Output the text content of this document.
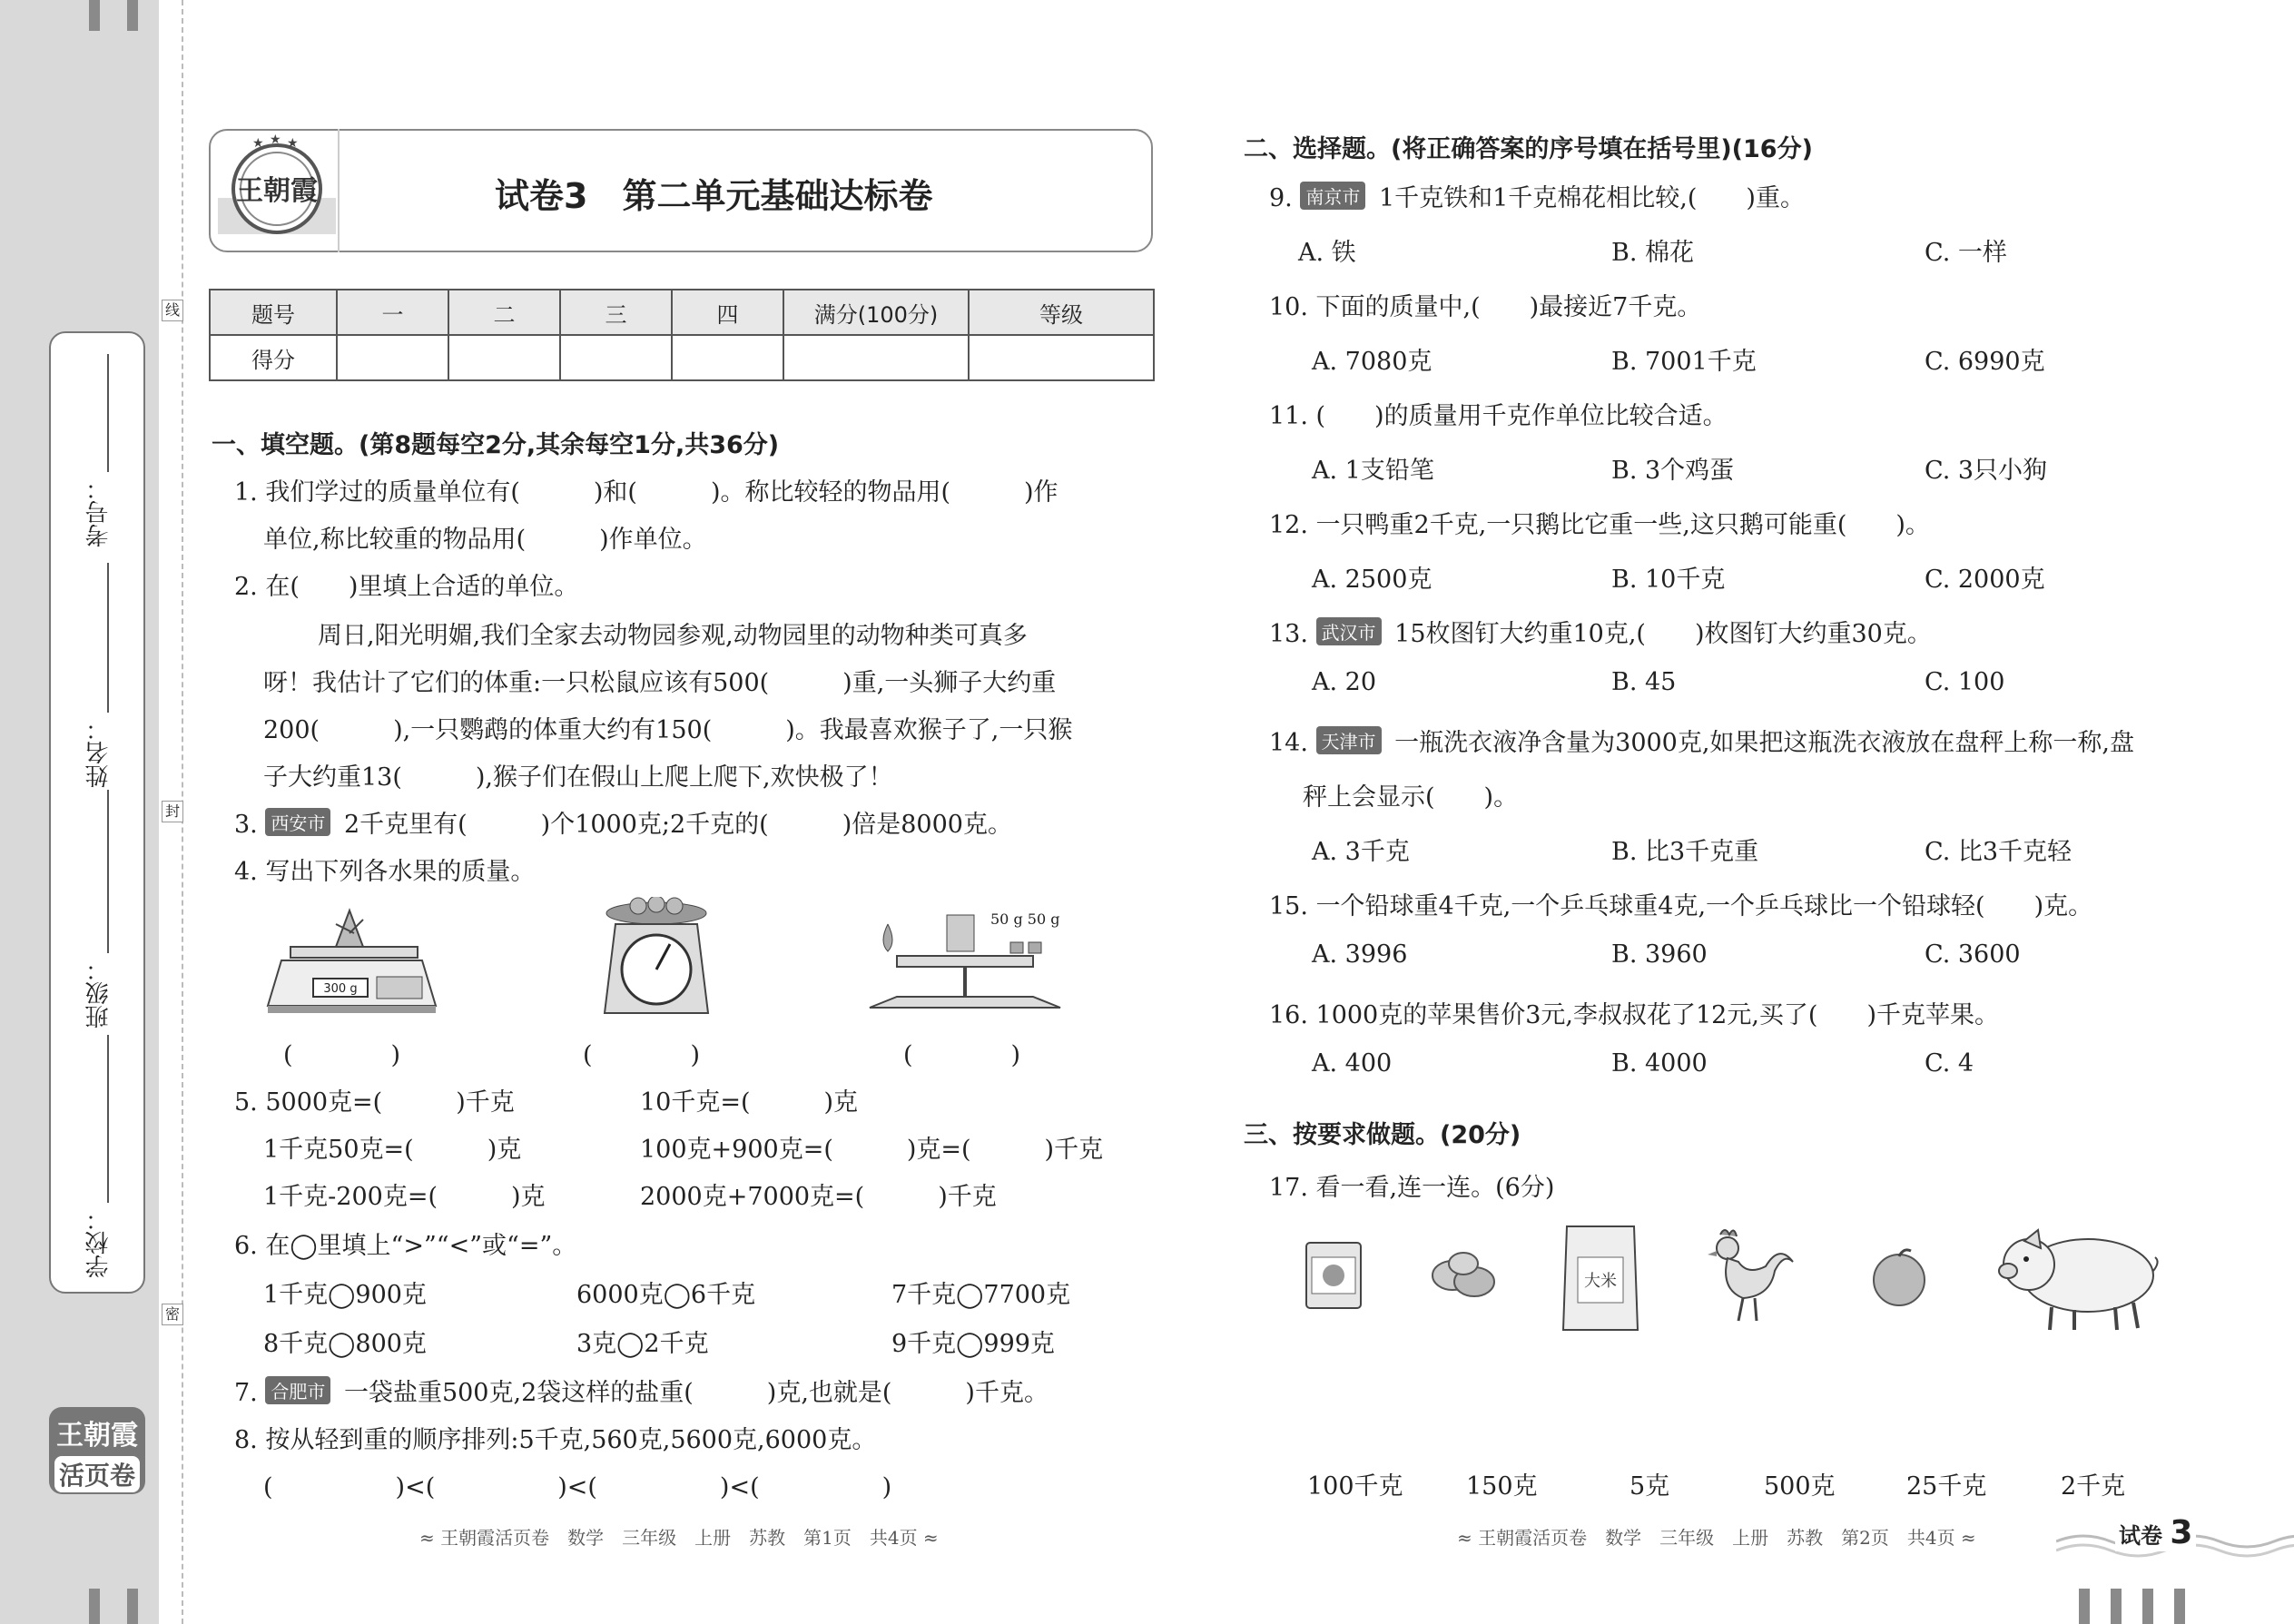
学校：
班级：
姓名：
考号：
线
封
密
王朝霞
活页卷
王朝霞
★ ★ ★
试卷3　第二单元基础达标卷
题号	一	二	三	四	满分(100分)	等级
得分						
一、填空题。(第8题每空2分,其余每空1分,共36分)
1. 我们学过的质量单位有(　　　)和(　　　)。称比较轻的物品用(　　　)作
单位,称比较重的物品用(　　　)作单位。
2. 在(　　)里填上合适的单位。
周日,阳光明媚,我们全家去动物园参观,动物园里的动物种类可真多
呀！我估计了它们的体重:一只松鼠应该有500(　　　)重,一头狮子大约重
200(　　　),一只鹦鹉的体重大约有150(　　　)。我最喜欢猴子了,一只猴
子大约重13(　　　),猴子们在假山上爬上爬下,欢快极了！
3. 西安市 2千克里有(　　　)个1000克;2千克的(　　　)倍是8000克。
4. 写出下列各水果的质量。
300 g
50 g 50 g
(　　　　)	(　　　　)	(　　　　)
5. 5000克=(　　　)千克	10千克=(　　　)克
1千克50克=(　　　)克	100克+900克=(　　　)克=(　　　)千克
1千克-200克=(　　　)克	2000克+7000克=(　　　)千克
6. 在◯里填上“>”“<”或“=”。
1千克◯900克	6000克◯6千克	7千克◯7700克
8千克◯800克	3克◯2千克	9千克◯999克
7. 合肥市 一袋盐重500克,2袋这样的盐重(　　　)克,也就是(　　　)千克。
8. 按从轻到重的顺序排列:5千克,560克,5600克,6000克。
(　　　　　)<(　　　　　)<(　　　　　)<(　　　　　)
≈ 王朝霞活页卷　数学　三年级　上册　苏教　第1页　共4页 ≈
二、选择题。(将正确答案的序号填在括号里)(16分)
9. 南京市 1千克铁和1千克棉花相比较,(　　)重。
A. 铁	B. 棉花	C. 一样
10. 下面的质量中,(　　)最接近7千克。
A. 7080克	B. 7001千克	C. 6990克
11. (　　)的质量用千克作单位比较合适。
A. 1支铅笔	B. 3个鸡蛋	C. 3只小狗
12. 一只鸭重2千克,一只鹅比它重一些,这只鹅可能重(　　)。
A. 2500克	B. 10千克	C. 2000克
13. 武汉市 15枚图钉大约重10克,(　　)枚图钉大约重30克。
A. 20	B. 45	C. 100
14. 天津市 一瓶洗衣液净含量为3000克,如果把这瓶洗衣液放在盘秤上称一称,盘
秤上会显示(　　)。
A. 3千克	B. 比3千克重	C. 比3千克轻
15. 一个铅球重4千克,一个乒乓球重4克,一个乒乓球比一个铅球轻(　　)克。
A. 3996	B. 3960	C. 3600
16. 1000克的苹果售价3元,李叔叔花了12元,买了(　　)千克苹果。
A. 400	B. 4000	C. 4
三、按要求做题。(20分)
17. 看一看,连一连。(6分)
大米
100千克	150克	5克	500克	25千克	2千克
≈ 王朝霞活页卷　数学　三年级　上册　苏教　第2页　共4页 ≈	试卷 3
